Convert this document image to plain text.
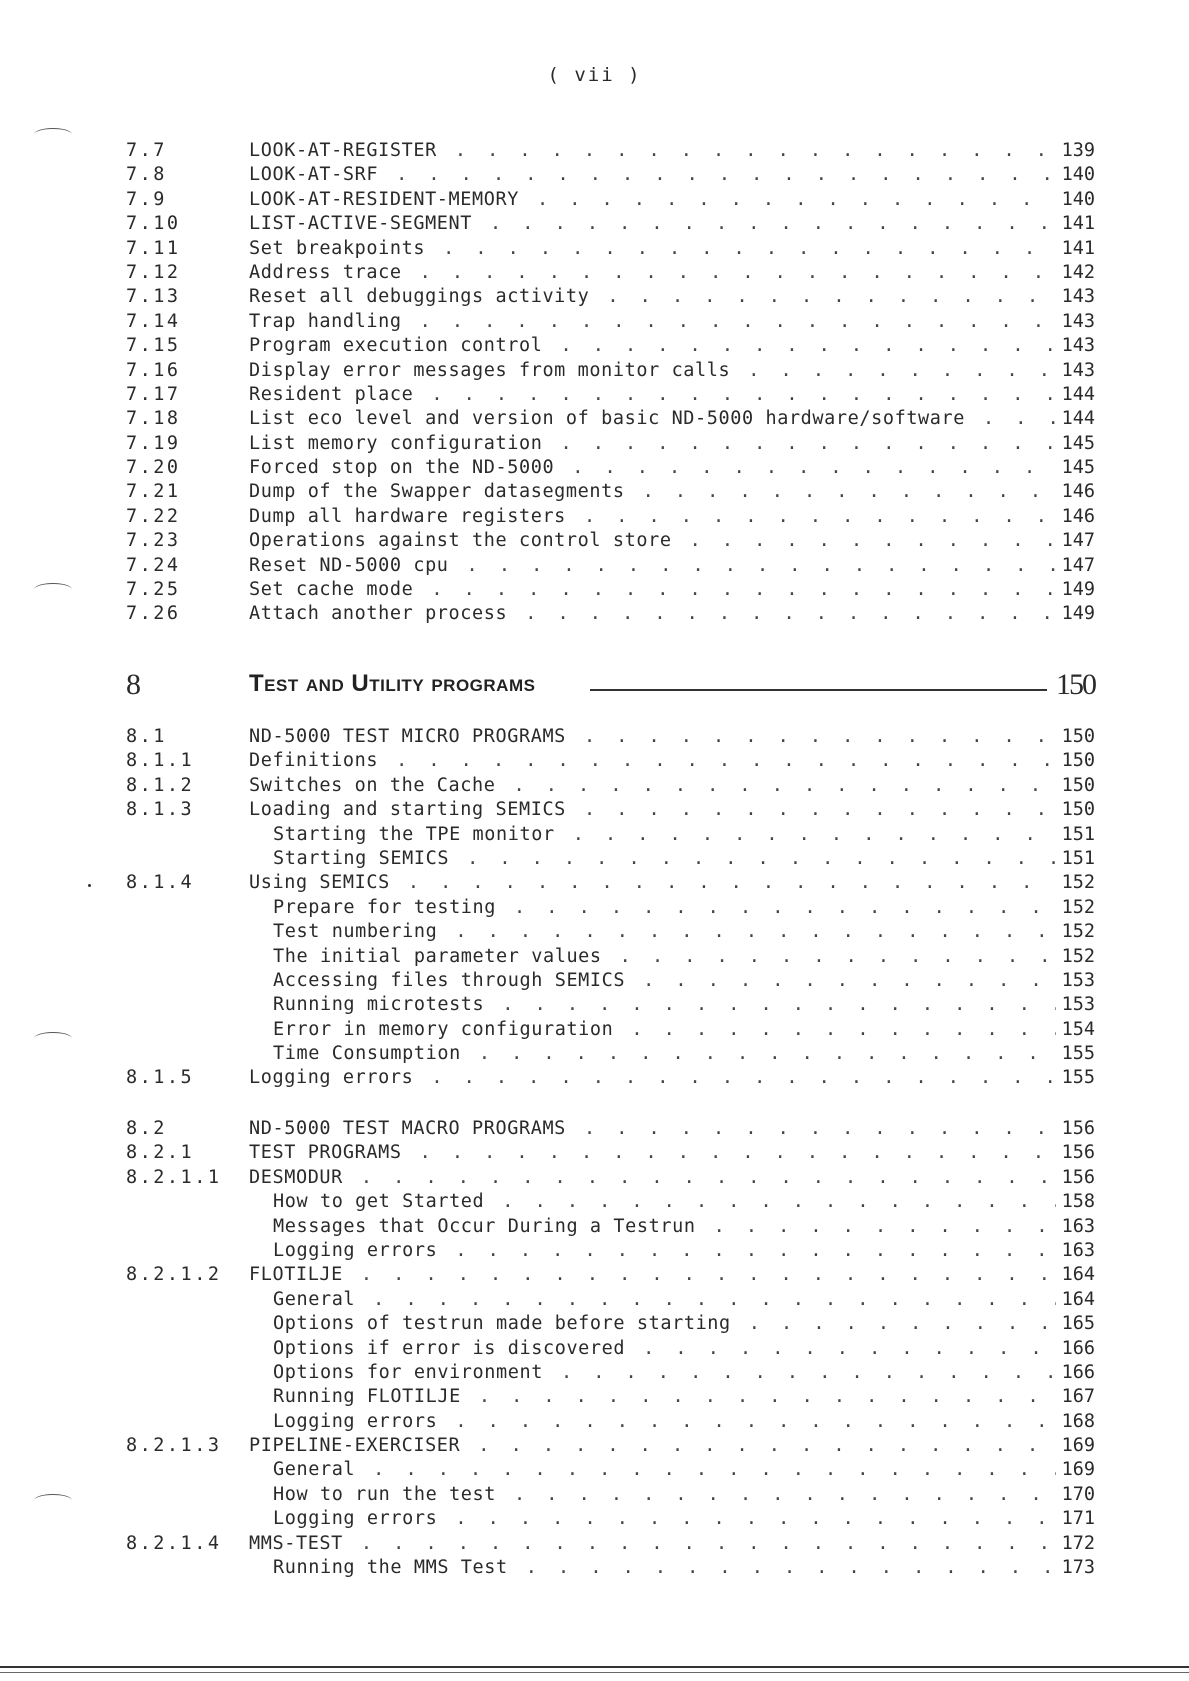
( vii )
7.7	LOOK-AT-REGISTER . . .	139
7.8	LOOK-AT-SRF . . .	140
7.9	LOOK-AT-RESIDENT-MEMORY . . .	140
7.10	LIST-ACTIVE-SEGMENT . . .	141
7.11	Set breakpoints . . .	141
7.12	Address trace . . .	142
7.13	Reset all debuggings activity . . .	143
7.14	Trap handling . . .	143
7.15	Program execution control . . .	143
7.16	Display error messages from monitor calls . . .	143
7.17	Resident place . . .	144
7.18	List eco level and version of basic ND-5000 hardware/software . . .	144
7.19	List memory configuration . . .	145
7.20	Forced stop on the ND-5000 . . .	145
7.21	Dump of the Swapper datasegments . . .	146
7.22	Dump all hardware registers . . .	146
7.23	Operations against the control store . . .	147
7.24	Reset ND-5000 cpu . . .	147
7.25	Set cache mode . . .	149
7.26	Attach another process . . .	149
8	Test and Utility programs	150
8.1	ND-5000 TEST MICRO PROGRAMS . . .	150
8.1.1	Definitions . . .	150
8.1.2	Switches on the Cache . . .	150
8.1.3	Loading and starting SEMICS . . .	150
Starting the TPE monitor . . .	151
Starting SEMICS . . .	151
8.1.4	Using SEMICS . . .	152
Prepare for testing . . .	152
Test numbering . . .	152
The initial parameter values . . .	152
Accessing files through SEMICS . . .	153
Running microtests . . .	153
Error in memory configuration . . .	154
Time Consumption . . .	155
8.1.5	Logging errors . . .	155
8.2	ND-5000 TEST MACRO PROGRAMS . . .	156
8.2.1	TEST PROGRAMS . . .	156
8.2.1.1 DESMODUR . . .	156
How to get Started . . .	158
Messages that Occur During a Testrun . . .	163
Logging errors . . .	163
8.2.1.2 FLOTILJE . . .	164
General . . .	164
Options of testrun made before starting . . .	165
Options if error is discovered . . .	166
Options for environment . . .	166
Running FLOTILJE . . .	167
Logging errors . . .	168
8.2.1.3 PIPELINE-EXERCISER . . .	169
General . . .	169
How to run the test . . .	170
Logging errors . . .	171
8.2.1.4 MMS-TEST . . .	172
Running the MMS Test . . .	173
